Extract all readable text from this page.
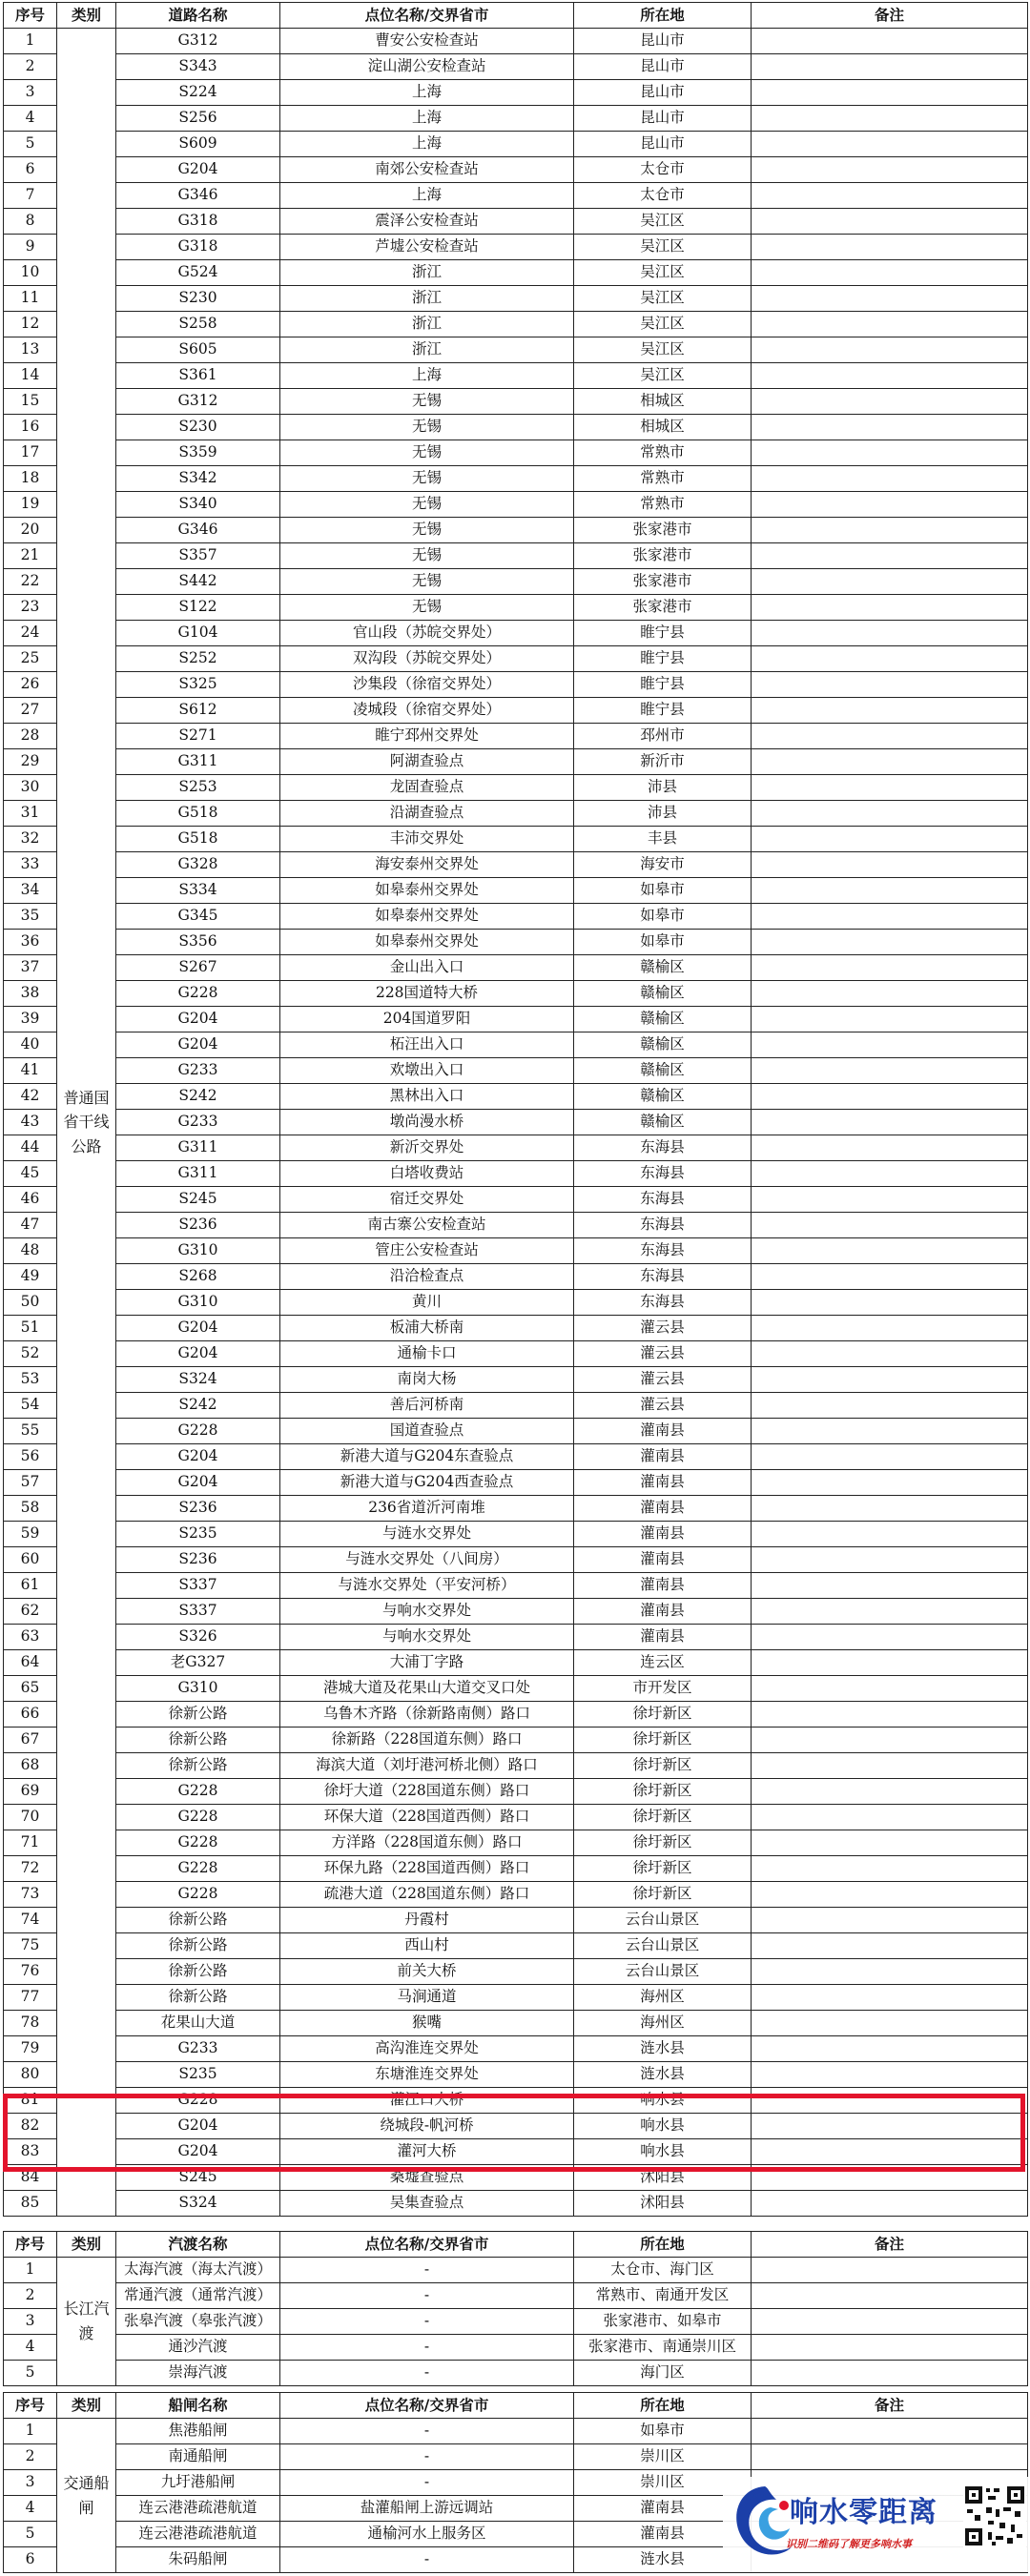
序号	类别	道路名称	点位名称/交界省市	所在地	备注
1	普通国省干线公路	G312	曹安公安检查站	昆山市	
2		S343	淀山湖公安检查站	昆山市	
3		S224	上海	昆山市	
4		S256	上海	昆山市	
5		S609	上海	昆山市	
6		G204	南郊公安检查站	太仓市	
7		G346	上海	太仓市	
8		G318	震泽公安检查站	吴江区	
9		G318	芦墟公安检查站	吴江区	
10		G524	浙江	吴江区	
11		S230	浙江	吴江区	
12		S258	浙江	吴江区	
13		S605	浙江	吴江区	
14		S361	上海	吴江区	
15		G312	无锡	相城区	
16		S230	无锡	相城区	
17		S359	无锡	常熟市	
18		S342	无锡	常熟市	
19		S340	无锡	常熟市	
20		G346	无锡	张家港市	
21		S357	无锡	张家港市	
22		S442	无锡	张家港市	
23		S122	无锡	张家港市	
24		G104	官山段（苏皖交界处）	睢宁县	
25		S252	双沟段（苏皖交界处）	睢宁县	
26		S325	沙集段（徐宿交界处）	睢宁县	
27		S612	凌城段（徐宿交界处）	睢宁县	
28		S271	睢宁邳州交界处	邳州市	
29		G311	阿湖查验点	新沂市	
30		S253	龙固查验点	沛县	
31		G518	沿湖查验点	沛县	
32		G518	丰沛交界处	丰县	
33		G328	海安泰州交界处	海安市	
34		S334	如皋泰州交界处	如皋市	
35		G345	如皋泰州交界处	如皋市	
36		S356	如皋泰州交界处	如皋市	
37		S267	金山出入口	赣榆区	
38		G228	228国道特大桥	赣榆区	
39		G204	204国道罗阳	赣榆区	
40		G204	柘汪出入口	赣榆区	
41		G233	欢墩出入口	赣榆区	
42		S242	黑林出入口	赣榆区	
43		G233	墩尚漫水桥	赣榆区	
44		G311	新沂交界处	东海县	
45		G311	白塔收费站	东海县	
46		S245	宿迁交界处	东海县	
47		S236	南古寨公安检查站	东海县	
48		G310	管庄公安检查站	东海县	
49		S268	沿洽检查点	东海县	
50		G310	黄川	东海县	
51		G204	板浦大桥南	灌云县	
52		G204	通榆卡口	灌云县	
53		S324	南岗大杨	灌云县	
54		S242	善后河桥南	灌云县	
55		G228	国道查验点	灌南县	
56		G204	新港大道与G204东查验点	灌南县	
57		G204	新港大道与G204西查验点	灌南县	
58		S236	236省道沂河南堆	灌南县	
59		S235	与涟水交界处	灌南县	
60		S236	与涟水交界处（八间房）	灌南县	
61		S337	与涟水交界处（平安河桥）	灌南县	
62		S337	与响水交界处	灌南县	
63		S326	与响水交界处	灌南县	
64		老G327	大浦丁字路	连云区	
65		G310	港城大道及花果山大道交叉口处	市开发区	
66		徐新公路	乌鲁木齐路（徐新路南侧）路口	徐圩新区	
67		徐新公路	徐新路（228国道东侧）路口	徐圩新区	
68		徐新公路	海滨大道（刘圩港河桥北侧）路口	徐圩新区	
69		G228	徐圩大道（228国道东侧）路口	徐圩新区	
70		G228	环保大道（228国道西侧）路口	徐圩新区	
71		G228	方洋路（228国道东侧）路口	徐圩新区	
72		G228	环保九路（228国道西侧）路口	徐圩新区	
73		G228	疏港大道（228国道东侧）路口	徐圩新区	
74		徐新公路	丹霞村	云台山景区	
75		徐新公路	西山村	云台山景区	
76		徐新公路	前关大桥	云台山景区	
77		徐新公路	马涧通道	海州区	
78		花果山大道	猴嘴	海州区	
79		G233	高沟淮连交界处	涟水县	
80		S235	东塘淮连交界处	涟水县	
81		G228	灌江口大桥	响水县	
82		G204	绕城段-帆河桥	响水县	
83		G204	灌河大桥	响水县	
84		S245	桑墟查验点	沭阳县	
85		S324	吴集查验点	沭阳县	
序号	类别	汽渡名称	点位名称/交界省市	所在地	备注
1	长江汽渡	太海汽渡（海太汽渡）	-	太仓市、海门区	
2		常通汽渡（通常汽渡）	-	常熟市、南通开发区	
3		张皋汽渡（皋张汽渡）	-	张家港市、如皋市	
4		通沙汽渡	-	张家港市、南通崇川区	
5		崇海汽渡	-	海门区	
序号	类别	船闸名称	点位名称/交界省市	所在地	备注
1	交通船闸	焦港船闸	-	如皋市	
2		南通船闸	-	崇川区	
3		九圩港船闸	-	崇川区	
4		连云港港疏港航道	盐灌船闸上游远调站	灌南县	
5		连云港港疏港航道	通榆河水上服务区	灌南县	
6		朱码船闸	-	涟水县	
响水零距离
识别二维码了解更多响水事
